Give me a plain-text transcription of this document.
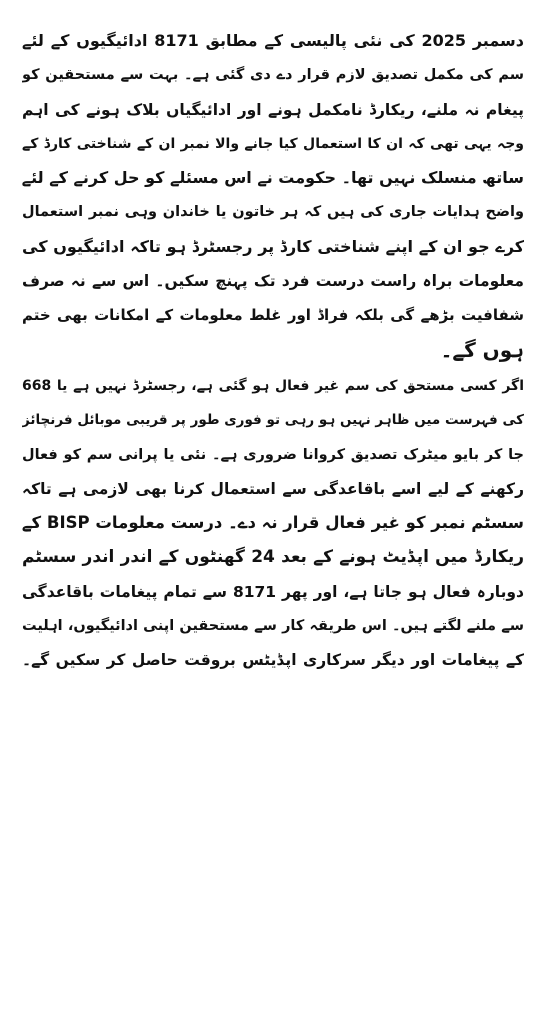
دسمبر 2025 کی نئی پالیسی کے مطابق 8171 ادائیگیوں کے لئے
سم کی مکمل تصدیق لازم قرار دے دی گئی ہے۔ بہت سے مستحقین کو
پیغام نہ ملنے، ریکارڈ نامکمل ہونے اور ادائیگیاں بلاک ہونے کی اہم
وجہ یہی تھی کہ ان کا استعمال کیا جانے والا نمبر ان کے شناختی کارڈ کے
ساتھ منسلک نہیں تھا۔ حکومت نے اس مسئلے کو حل کرنے کے لئے
واضح ہدایات جاری کی ہیں کہ ہر خاتون یا خاندان وہی نمبر استعمال
کرے جو ان کے اپنے شناختی کارڈ پر رجسٹرڈ ہو تاکہ ادائیگیوں کی
معلومات براہ راست درست فرد تک پہنچ سکیں۔ اس سے نہ صرف
شفافیت بڑھے گی بلکہ فراڈ اور غلط معلومات کے امکانات بھی ختم
ہوں گے۔
اگر کسی مستحق کی سم غیر فعال ہو گئی ہے، رجسٹرڈ نہیں ہے یا 668
کی فہرست میں ظاہر نہیں ہو رہی تو فوری طور پر قریبی موبائل فرنچائز
جا کر بایو میٹرک تصدیق کروانا ضروری ہے۔ نئی یا پرانی سم کو فعال
رکھنے کے لیے اسے باقاعدگی سے استعمال کرنا بھی لازمی ہے تاکہ
سسٹم نمبر کو غیر فعال قرار نہ دے۔ درست معلومات BISP کے
ریکارڈ میں اپڈیٹ ہونے کے بعد 24 گھنٹوں کے اندر اندر سسٹم
دوبارہ فعال ہو جاتا ہے، اور پھر 8171 سے تمام پیغامات باقاعدگی
سے ملنے لگتے ہیں۔ اس طریقہ کار سے مستحقین اپنی ادائیگیوں، اہلیت
کے پیغامات اور دیگر سرکاری اپڈیٹس بروقت حاصل کر سکیں گے۔
